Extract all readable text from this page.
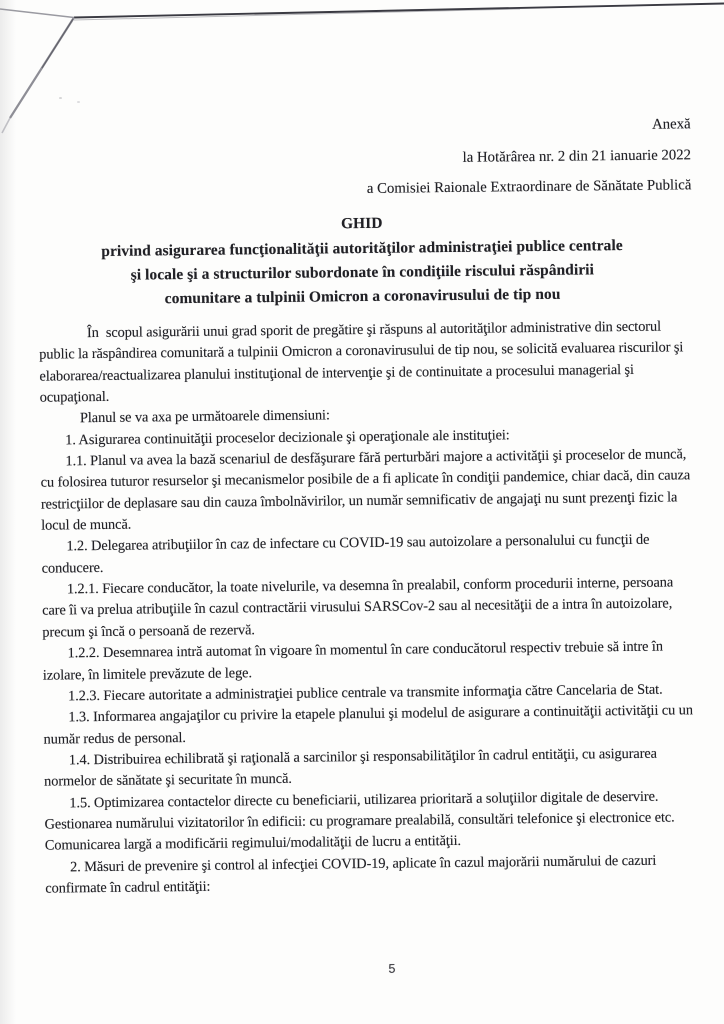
Anexă
la Hotărârea nr. 2 din 21 ianuarie 2022
a Comisiei Raionale Extraordinare de Sănătate Publică
GHID
privind asigurarea funcţionalităţii autorităţilor administraţiei publice centrale
şi locale şi a structurilor subordonate în condiţiile riscului răspândirii
comunitare a tulpinii Omicron a coronavirusului de tip nou

În  scopul asigurării unui grad sporit de pregătire şi răspuns al autorităţilor administrative din sectorul public la răspândirea comunitară a tulpinii Omicron a coronavirusului de tip nou, se solicită evaluarea riscurilor şi elaborarea/reactualizarea planului instituţional de intervenţie şi de continuitate a procesului managerial şi ocupaţional.

Planul se va axa pe următoarele dimensiuni:

1. Asigurarea continuităţii proceselor decizionale şi operaţionale ale instituţiei:

1.1. Planul va avea la bază scenariul de desfăşurare fără perturbări majore a activităţii şi proceselor de muncă, cu folosirea tuturor resurselor şi mecanismelor posibile de a fi aplicate în condiţii pandemice, chiar dacă, din cauza restricţiilor de deplasare sau din cauza îmbolnăvirilor, un număr semnificativ de angajaţi nu sunt prezenţi fizic la locul de muncă.

1.2. Delegarea atribuţiilor în caz de infectare cu COVID-19 sau autoizolare a personalului cu funcţii de conducere.

1.2.1. Fiecare conducător, la toate nivelurile, va desemna în prealabil, conform procedurii interne, persoana care îi va prelua atribuţiile în cazul contractării virusului SARSCov-2 sau al necesităţii de a intra în autoizolare, precum şi încă o persoană de rezervă.

1.2.2. Desemnarea intră automat în vigoare în momentul în care conducătorul respectiv trebuie să intre în izolare, în limitele prevăzute de lege.

1.2.3. Fiecare autoritate a administraţiei publice centrale va transmite informaţia către Cancelaria de Stat.

1.3. Informarea angajaţilor cu privire la etapele planului şi modelul de asigurare a continuităţii activităţii cu un număr redus de personal.

1.4. Distribuirea echilibrată şi raţională a sarcinilor şi responsabilităţilor în cadrul entităţii, cu asigurarea normelor de sănătate şi securitate în muncă.

1.5. Optimizarea contactelor directe cu beneficiarii, utilizarea prioritară a soluţiilor digitale de deservire. Gestionarea numărului vizitatorilor în edificii: cu programare prealabilă, consultări telefonice şi electronice etc. Comunicarea largă a modificării regimului/modalităţii de lucru a entităţii.

2. Măsuri de prevenire şi control al infecţiei COVID-19, aplicate în cazul majorării numărului de cazuri confirmate în cadrul entităţii:

5
